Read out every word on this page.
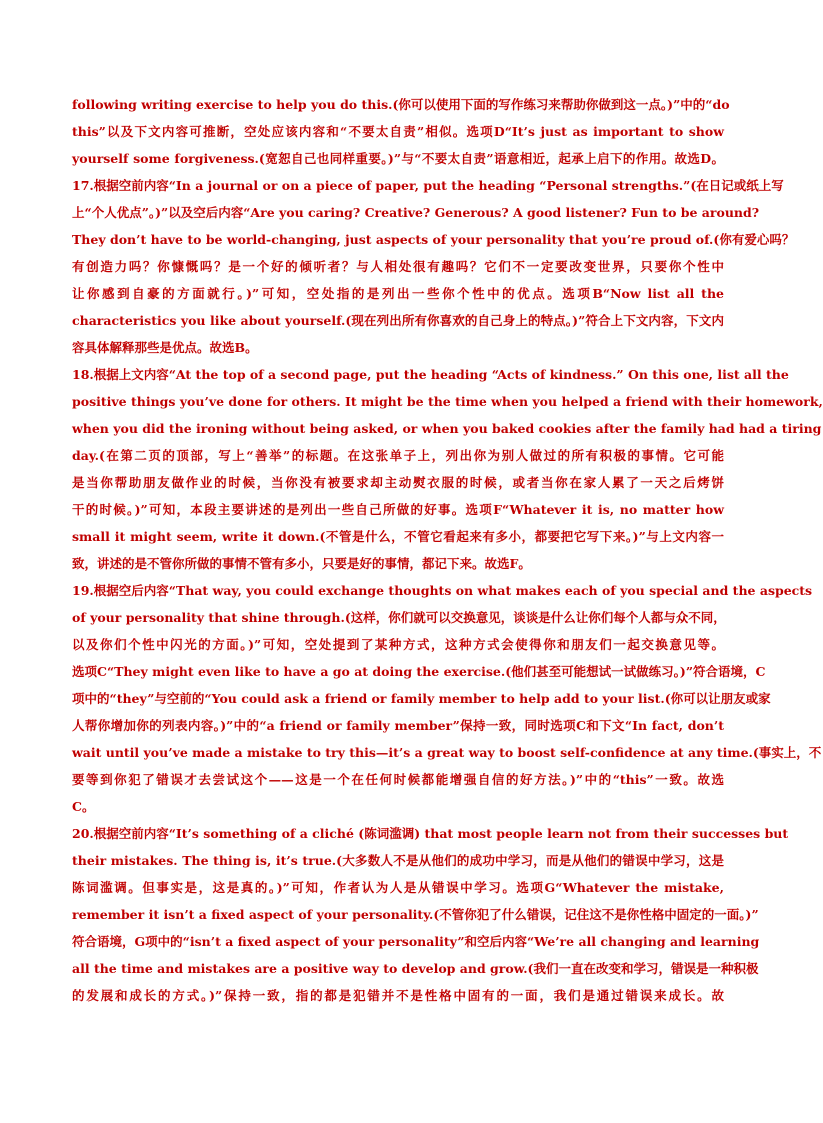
following writing exercise to help you do this.(你可以使用下面的写作练习来帮助你做到这一点。)”中的“do
this”以及下文内容可推断，空处应该内容和“不要太自责”相似。选项D“It’s just as important to show
yourself some forgiveness.(宽恕自己也同样重要。)”与“不要太自责”语意相近，起承上启下的作用。故选D。
17.根据空前内容“In a journal or on a piece of paper, put the heading “Personal strengths.”(在日记或纸上写
上“个人优点”。)”以及空后内容“Are you caring? Creative? Generous? A good listener? Fun to be around?
They don’t have to be world-changing, just aspects of your personality that you’re proud of.(你有爱心吗？
有创造力吗？你慷慨吗？是一个好的倾听者？与人相处很有趣吗？它们不一定要改变世界，只要你个性中
让你感到自豪的方面就行。)”可知，空处指的是列出一些你个性中的优点。选项B“Now list all the
characteristics you like about yourself.(现在列出所有你喜欢的自己身上的特点。)”符合上下文内容，下文内
容具体解释那些是优点。故选B。
18.根据上文内容“At the top of a second page, put the heading “Acts of kindness.” On this one, list all the
positive things you’ve done for others. It might be the time when you helped a friend with their homework,
when you did the ironing without being asked, or when you baked cookies after the family had had a tiring
day.(在第二页的顶部，写上“善举”的标题。在这张单子上，列出你为别人做过的所有积极的事情。它可能
是当你帮助朋友做作业的时候，当你没有被要求却主动熨衣服的时候，或者当你在家人累了一天之后烤饼
干的时候。)”可知，本段主要讲述的是列出一些自己所做的好事。选项F“Whatever it is, no matter how
small it might seem, write it down.(不管是什么，不管它看起来有多小，都要把它写下来。)”与上文内容一
致，讲述的是不管你所做的事情不管有多小，只要是好的事情，都记下来。故选F。
19.根据空后内容“That way, you could exchange thoughts on what makes each of you special and the aspects
of your personality that shine through.(这样，你们就可以交换意见，谈谈是什么让你们每个人都与众不同，
以及你们个性中闪光的方面。)”可知，空处提到了某种方式，这种方式会使得你和朋友们一起交换意见等。
选项C“They might even like to have a go at doing the exercise.(他们甚至可能想试一试做练习。)”符合语境，C
项中的“they”与空前的“You could ask a friend or family member to help add to your list.(你可以让朋友或家
人帮你增加你的列表内容。)”中的“a friend or family member”保持一致，同时选项C和下文“In fact, don’t
wait until you’ve made a mistake to try this—it’s a great way to boost self-confidence at any time.(事实上，不
要等到你犯了错误才去尝试这个——这是一个在任何时候都能增强自信的好方法。)”中的“this”一致。故选
C。
20.根据空前内容“It’s something of a cliché (陈词滥调) that most people learn not from their successes but
their mistakes. The thing is, it’s true.(大多数人不是从他们的成功中学习，而是从他们的错误中学习，这是
陈词滥调。但事实是，这是真的。)”可知，作者认为人是从错误中学习。选项G“Whatever the mistake,
remember it isn’t a fixed aspect of your personality.(不管你犯了什么错误，记住这不是你性格中固定的一面。)”
符合语境，G项中的“isn’t a fixed aspect of your personality”和空后内容“We’re all changing and learning
all the time and mistakes are a positive way to develop and grow.(我们一直在改变和学习，错误是一种积极
的发展和成长的方式。)”保持一致，指的都是犯错并不是性格中固有的一面，我们是通过错误来成长。故
